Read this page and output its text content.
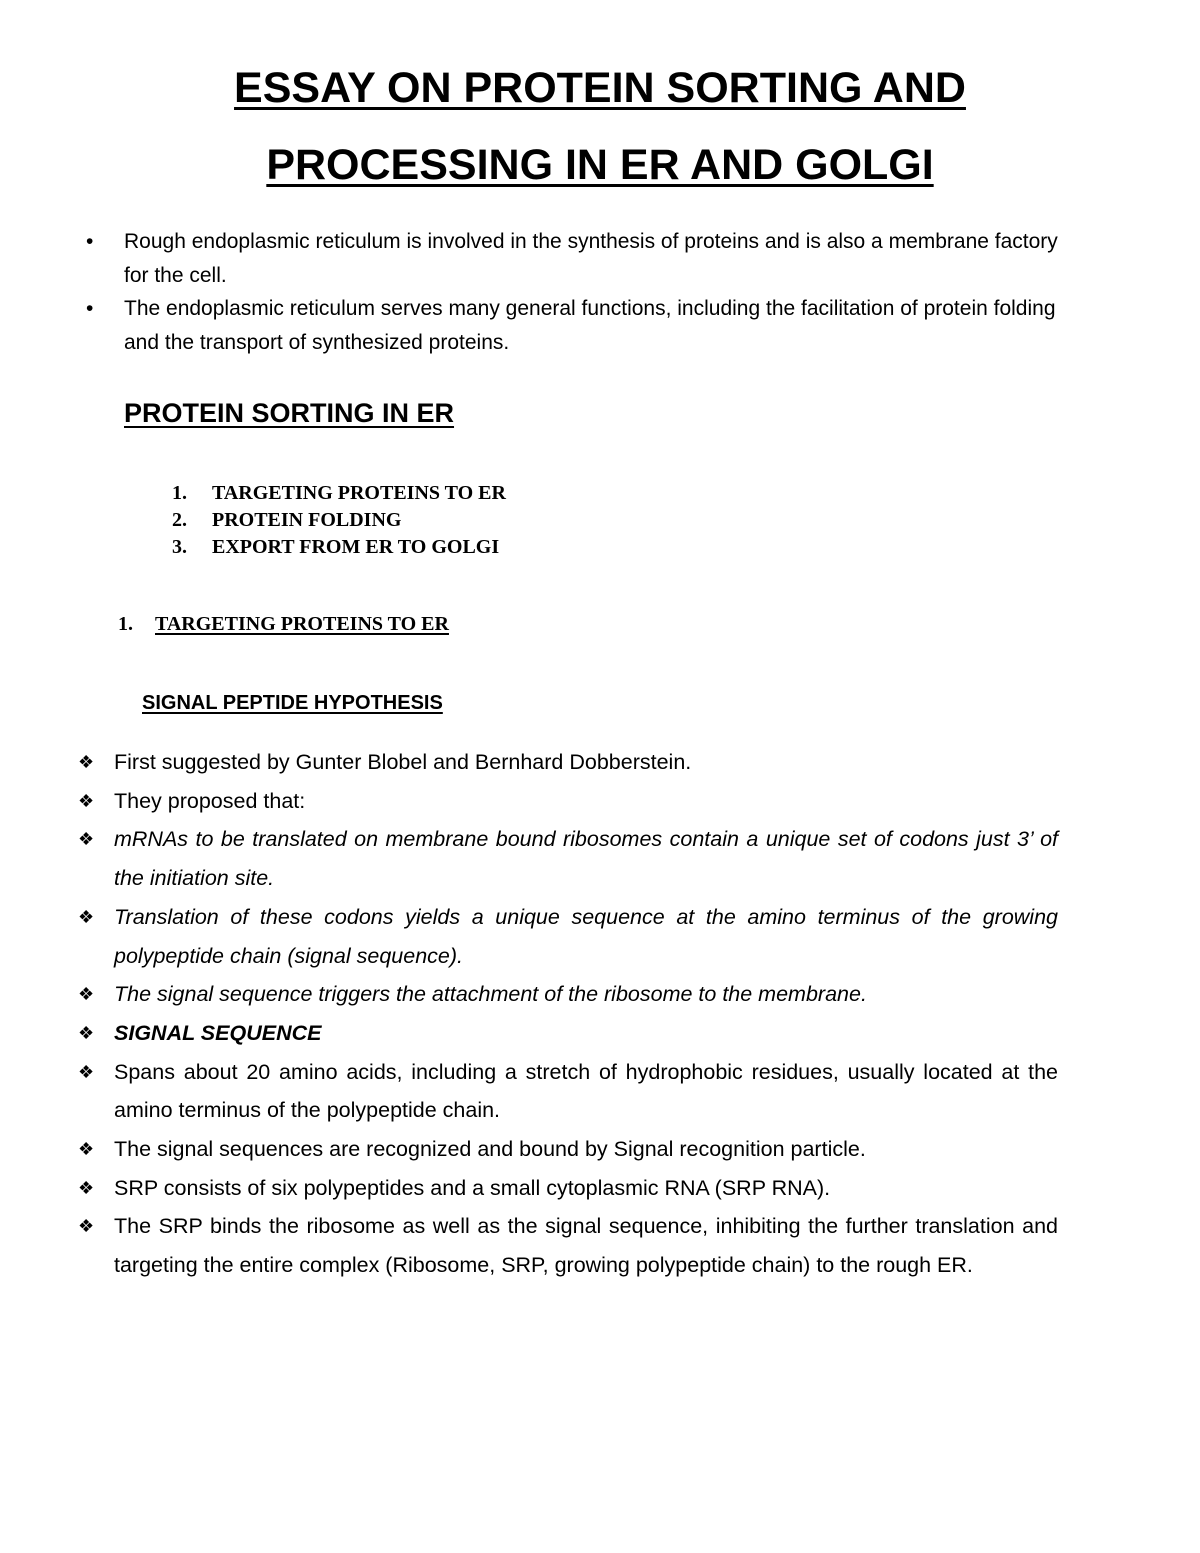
ESSAY ON PROTEIN SORTING AND
PROCESSING IN ER AND GOLGI
• Rough endoplasmic reticulum is involved in the synthesis of proteins and is also a membrane factory for the cell.
• The endoplasmic reticulum serves many general functions, including the facilitation of protein folding and the transport of synthesized proteins.
PROTEIN SORTING IN ER
1. TARGETING PROTEINS TO ER
2. PROTEIN FOLDING
3. EXPORT FROM ER TO GOLGI
1. TARGETING PROTEINS TO ER
SIGNAL PEPTIDE HYPOTHESIS
❖ First suggested by Gunter Blobel and Bernhard Dobberstein.
❖ They proposed that:
❖ mRNAs to be translated on membrane bound ribosomes contain a unique set of codons just 3’ of the initiation site.
❖ Translation of these codons yields a unique sequence at the amino terminus of the growing polypeptide chain (signal sequence).
❖ The signal sequence triggers the attachment of the ribosome to the membrane.
❖ SIGNAL SEQUENCE
❖ Spans about 20 amino acids, including a stretch of hydrophobic residues, usually located at the amino terminus of the polypeptide chain.
❖ The signal sequences are recognized and bound by Signal recognition particle.
❖ SRP consists of six polypeptides and a small cytoplasmic RNA (SRP RNA).
❖ The SRP binds the ribosome as well as the signal sequence, inhibiting the further translation and targeting the entire complex (Ribosome, SRP, growing polypeptide chain) to the rough ER.
